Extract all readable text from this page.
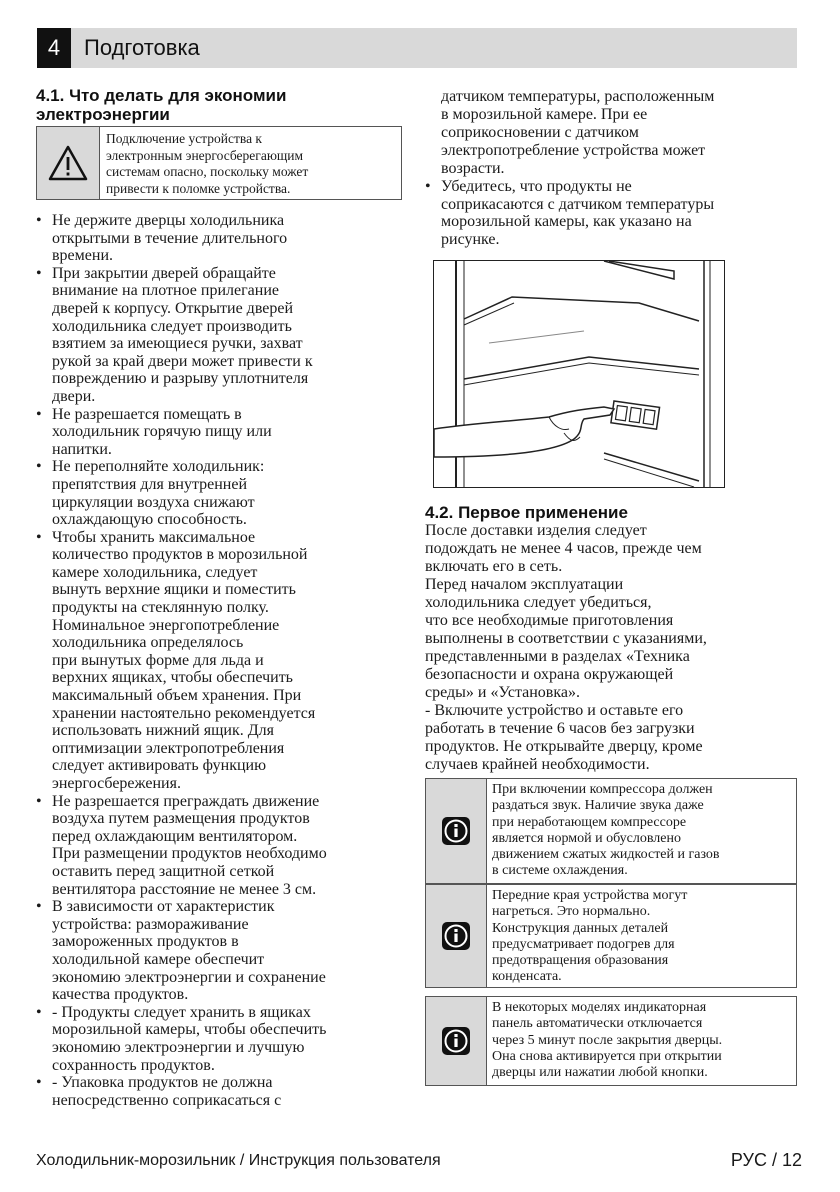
4	Подготовка

4.1. Что делать для экономии

электроэнергии

Подключение устройства к
электронным энергосберегающим
системам опасно, поскольку может
привести к поломке устройства.
• Не держите дверцы холодильника
открытыми в течение длительного
времени.
• При закрытии дверей обращайте
внимание на плотное прилегание
дверей к корпусу. Открытие дверей
холодильника следует производить
взятием за имеющиеся ручки, захват
рукой за край двери может привести к
повреждению и разрыву уплотнителя
двери.
• Не разрешается помещать в
холодильник горячую пищу или
напитки.
• Не переполняйте холодильник:
препятствия для внутренней
циркуляции воздуха снижают
охлаждающую способность.
• Чтобы хранить максимальное
количество продуктов в морозильной
камере холодильника, следует
вынуть верхние ящики и поместить
продукты на стеклянную полку.
Номинальное энергопотребление
холодильника определялось
при вынутых форме для льда и
верхних ящиках, чтобы обеспечить
максимальный объем хранения. При
хранении настоятельно рекомендуется
использовать нижний ящик. Для
оптимизации электропотребления
следует активировать функцию
энергосбережения.
• Не разрешается преграждать движение
воздуха путем размещения продуктов
перед охлаждающим вентилятором.
При размещении продуктов необходимо
оставить перед защитной сеткой
вентилятора расстояние не менее 3 см.
• В зависимости от характеристик
устройства: размораживание
замороженных продуктов в
холодильной камере обеспечит
экономию электроэнергии и сохранение
качества продуктов.
• - Продукты следует хранить в ящиках
морозильной камеры, чтобы обеспечить
экономию электроэнергии и лучшую
сохранность продуктов.
• - Упаковка продуктов не должна
непосредственно соприкасаться с
датчиком температуры, расположенным
в морозильной камере. При ее
соприкосновении с датчиком
электропотребление устройства может
возрасти.
• Убедитесь, что продукты не
соприкасаются с датчиком температуры
морозильной камеры, как указано на
рисунке.

4.2. Первое применение

После доставки изделия следует
подождать не менее 4 часов, прежде чем
включать его в сеть.
Перед началом эксплуатации
холодильника следует убедиться,
что все необходимые приготовления
выполнены в соответствии с указаниями,
представленными в разделах «Техника
безопасности и охрана окружающей
среды» и «Установка».
- Включите устройство и оставьте его
работать в течение 6 часов без загрузки
продуктов. Не открывайте дверцу, кроме
случаев крайней необходимости.
При включении компрессора должен
раздаться звук. Наличие звука даже
при неработающем компрессоре
является нормой и обусловлено
движением сжатых жидкостей и газов
в системе охлаждения.
Передние края устройства могут
нагреться. Это нормально.
Конструкция данных деталей
предусматривает подогрев для
предотвращения образования
конденсата.
В некоторых моделях индикаторная
панель автоматически отключается
через 5 минут после закрытия дверцы.
Она снова активируется при открытии
дверцы или нажатии любой кнопки.
Холодильник-морозильник / Инструкция пользователя	РУС / 12
